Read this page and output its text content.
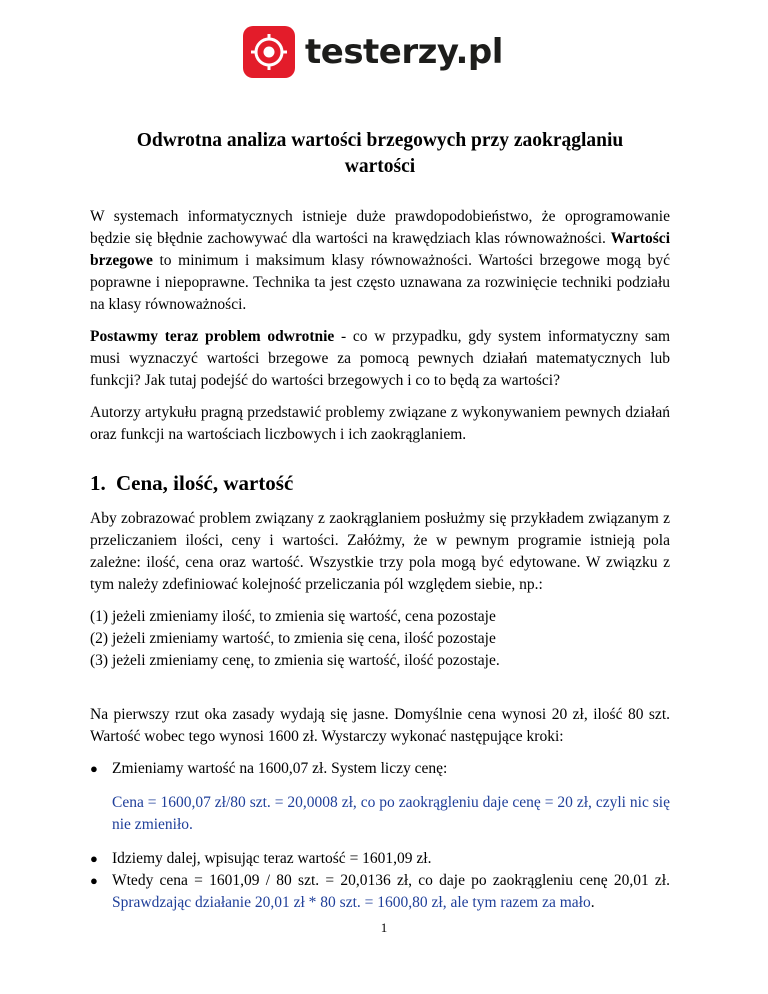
testerzy.pl
Odwrotna analiza wartości brzegowych przy zaokrąglaniu wartości

W systemach informatycznych istnieje duże prawdopodobieństwo, że oprogramowanie będzie się błędnie zachowywać dla wartości na krawędziach klas równoważności. Wartości brzegowe to minimum i maksimum klasy równoważności. Wartości brzegowe mogą być poprawne i niepoprawne. Technika ta jest często uznawana za rozwinięcie techniki podziału na klasy równoważności.

Postawmy teraz problem odwrotnie - co w przypadku, gdy system informatyczny sam musi wyznaczyć wartości brzegowe za pomocą pewnych działań matematycznych lub funkcji? Jak tutaj podejść do wartości brzegowych i co to będą za wartości?

Autorzy artykułu pragną przedstawić problemy związane z wykonywaniem pewnych działań oraz funkcji na wartościach liczbowych i ich zaokrąglaniem.

1. Cena, ilość, wartość

Aby zobrazować problem związany z zaokrąglaniem posłużmy się przykładem związanym z przeliczaniem ilości, ceny i wartości. Załóżmy, że w pewnym programie istnieją pola zależne: ilość, cena oraz wartość. Wszystkie trzy pola mogą być edytowane. W związku z tym należy zdefiniować kolejność przeliczania pól względem siebie, np.:

(1) jeżeli zmieniamy ilość, to zmienia się wartość, cena pozostaje
(2) jeżeli zmieniamy wartość, to zmienia się cena, ilość pozostaje
(3) jeżeli zmieniamy cenę, to zmienia się wartość, ilość pozostaje.

Na pierwszy rzut oka zasady wydają się jasne. Domyślnie cena wynosi 20 zł, ilość 80 szt. Wartość wobec tego wynosi 1600 zł. Wystarczy wykonać następujące kroki:

● Zmieniamy wartość na 1600,07 zł. System liczy cenę:

Cena = 1600,07 zł/80 szt. = 20,0008 zł, co po zaokrągleniu daje cenę = 20 zł, czyli nic się nie zmieniło.

● Idziemy dalej, wpisując teraz wartość = 1601,09 zł.
● Wtedy cena = 1601,09 / 80 szt. = 20,0136 zł, co daje po zaokrągleniu cenę 20,01 zł. Sprawdzając działanie 20,01 zł * 80 szt. = 1600,80 zł, ale tym razem za mało.
1
